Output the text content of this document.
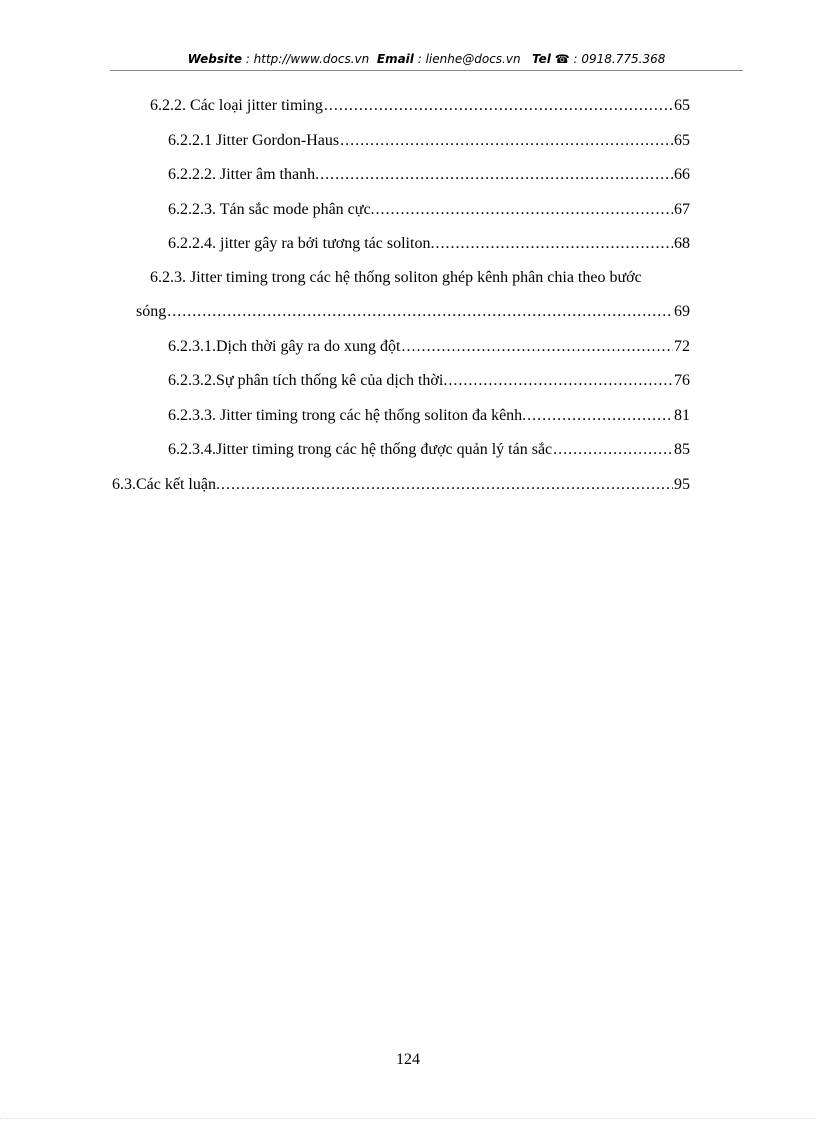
Website : http://www.docs.vn Email : lienhe@docs.vn Tel ☎ : 0918.775.368
6.2.2. Các loại jitter timing .....	65
6.2.2.1 Jitter Gordon-Haus .....	65
6.2.2.2. Jitter âm thanh. .....	66
6.2.2.3. Tán sắc mode phân cực. .....	67
6.2.2.4. jitter gây ra bởi tương tác soliton. .....	68
6.2.3. Jitter timing trong các hệ thống soliton ghép kênh phân chia theo bước
sóng .....	69
6.2.3.1.Dịch thời gây ra do xung đột .....	72
6.2.3.2.Sự phân tích thống kê của dịch thời. .....	76
6.2.3.3. Jitter timing trong các hệ thống soliton đa kênh. .....	81
6.2.3.4.Jitter timing trong các hệ thống được quản lý tán sắc .....	85
6.3.Các kết luận. .....	95
124
